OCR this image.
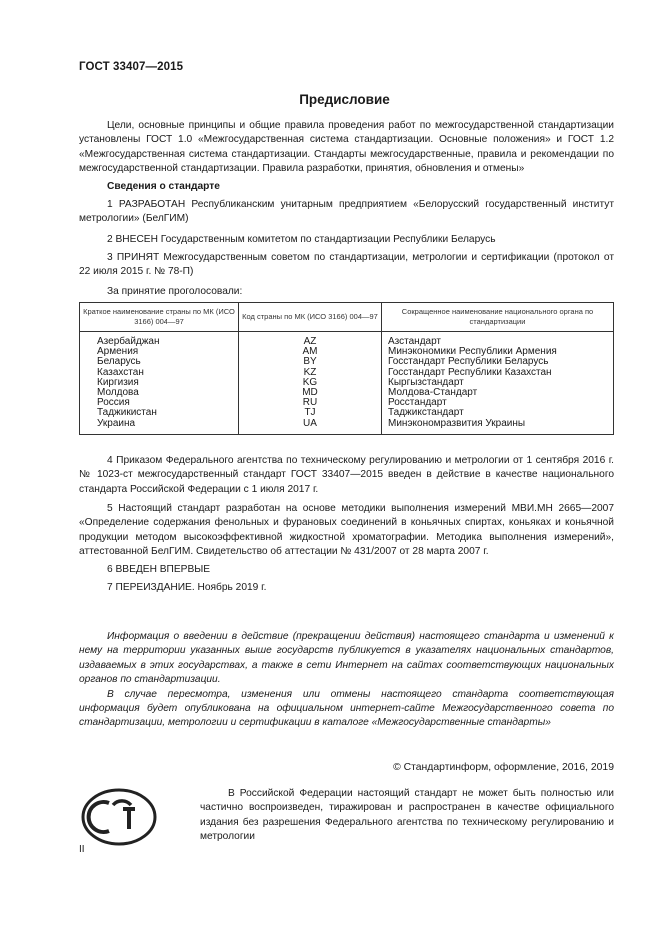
ГОСТ 33407—2015
Предисловие

Цели, основные принципы и общие правила проведения работ по межгосударственной стандартизации установлены ГОСТ 1.0 «Межгосударственная система стандартизации. Основные положения» и ГОСТ 1.2 «Межгосударственная система стандартизации. Стандарты межгосударственные, правила и рекомендации по межгосударственной стандартизации. Правила разработки, принятия, обновления и отмены»

Сведения о стандарте

1 РАЗРАБОТАН Республиканским унитарным предприятием «Белорусский государственный институт метрологии» (БелГИМ)

2 ВНЕСЕН Государственным комитетом по стандартизации Республики Беларусь

3 ПРИНЯТ Межгосударственным советом по стандартизации, метрологии и сертификации (протокол от 22 июля 2015 г. № 78-П)

За принятие проголосовали:

Краткое наименование страны по МК (ИСО 3166) 004—97	Код страны по МК (ИСО 3166) 004—97	Сокращенное наименование национального органа по стандартизации
Азербайджан	AZ	Азстандарт
Армения	AM	Минэкономики Республики Армения
Беларусь	BY	Госстандарт Республики Беларусь
Казахстан	KZ	Госстандарт Республики Казахстан
Киргизия	KG	Кыргызстандарт
Молдова	MD	Молдова-Стандарт
Россия	RU	Росстандарт
Таджикистан	TJ	Таджикстандарт
Украина	UA	Минэкономразвития Украины

4 Приказом Федерального агентства по техническому регулированию и метрологии от 1 сентября 2016 г. № 1023-ст межгосударственный стандарт ГОСТ 33407—2015 введен в действие в качестве национального стандарта Российской Федерации с 1 июля 2017 г.

5 Настоящий стандарт разработан на основе методики выполнения измерений МВИ.МН 2665—2007 «Определение содержания фенольных и фурановых соединений в коньячных спиртах, коньяках и коньячной продукции методом высокоэффективной жидкостной хроматографии. Методика выполнения измерений», аттестованной БелГИМ. Свидетельство об аттестации № 431/2007 от 28 марта 2007 г.

6 ВВЕДЕН ВПЕРВЫЕ

7 ПЕРЕИЗДАНИЕ. Ноябрь 2019 г.

Информация о введении в действие (прекращении действия) настоящего стандарта и изменений к нему на территории указанных выше государств публикуется в указателях национальных стандартов, издаваемых в этих государствах, а также в сети Интернет на сайтах соответствующих национальных органов по стандартизации.

В случае пересмотра, изменения или отмены настоящего стандарта соответствующая информация будет опубликована на официальном интернет-сайте Межгосударственного совета по стандартизации, метрологии и сертификации в каталоге «Межгосударственные стандарты»

© Стандартинформ, оформление, 2016, 2019

В Российской Федерации настоящий стандарт не может быть полностью или частично воспроизведен, тиражирован и распространен в качестве официального издания без разрешения Федерального агентства по техническому регулированию и метрологии

II
